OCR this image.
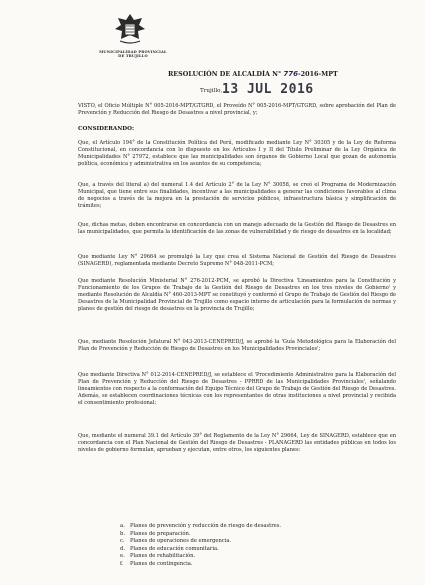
MUNICIPALIDAD PROVINCIAL
DE TRUJILLO
RESOLUCIÓN DE ALCALDÍA N° 776-2016-MPT
Trujillo, 13 JUL 2016
VISTO, el Oficio Múltiple N° 005-2016-MPT/GTGRD, el Proveído N° 005-2016-MPT/GTGRD, sobre aprobación del Plan de Prevención y Reducción del Riesgo de Desastres a nivel provincial, y;
CONSIDERANDO:
Que, el Artículo 194° de la Constitución Política del Perú, modificado mediante Ley N° 30305 y de la Ley de Reforma Constitucional, en concordancia con lo dispuesto en los Artículos I y II del Título Preliminar de la Ley Orgánica de Municipalidades N° 27972, establece que las municipalidades son órganos de Gobierno Local que gozan de autonomía política, económica y administrativa en los asuntos de su competencia;
Que, a través del literal a) del numeral 1.4 del Artículo 2° de la Ley N° 30058, se creó el Programa de Modernización Municipal, que tiene entre sus finalidades, incentivar a las municipalidades a generar las condiciones favorables al clima de negocios a través de la mejora en la prestación de servicios públicos, infraestructura básica y simplificación de trámites;
Que, dichas metas, deben encontrarse en concordancia con un manejo adecuado de la Gestión del Riesgo de Desastres en las municipalidades, que permita la identificación de las zonas de vulnerabilidad y de riesgo de desastres en la localidad;
Que mediante Ley N° 29664 se promulgó la Ley que crea el Sistema Nacional de Gestión del Riesgo de Desastres (SINAGERD), reglamentada mediante Decreto Supremo N° 048-2011-PCM;
Que mediante Resolución Ministerial N° 276-2012-PCM, se aprobó la Directiva 'Lineamientos para la Constitución y Funcionamiento de los Grupos de Trabajo de la Gestión del Riesgo de Desastres en los tres niveles de Gobierno' y mediante Resolución de Alcaldía N° 460-2013-MPT se constituyó y conformó el Grupo de Trabajo de Gestión del Riesgo de Desastres de la Municipalidad Provincial de Trujillo como espacio interno de articulación para la formulación de normas y planes de gestión del riesgo de desastres en la provincia de Trujillo;
Que, mediante Resolución Jefatural N° 043-2013-CENEPRED/J, se aprobó la 'Guía Metodológica para la Elaboración del Plan de Prevención y Reducción de Riesgo de Desastres en los Municipalidades Provinciales';
Que mediante Directiva N° 012-2014-CENEPRED/J, se establece el 'Procedimiento Administrativo para la Elaboración del Plan de Prevención y Reducción del Riesgo de Desastres - PPRRD de las Municipalidades Provinciales', señalando lineamientos con respecto a la conformación del Equipo Técnico del Grupo de Trabajo de Gestión del Riesgo de Desastres. Además, se establecen coordinaciones técnicas con los representantes de otras instituciones a nivel provincial y recibida el consentimiento profesional;
Que, mediante el numeral 39.1 del Artículo 39° del Reglamento de la Ley N° 29664, Ley de SINAGERD, establece que en concordancia con el Plan Nacional de Gestión del Riesgo de Desastres - PLANAGERD las entidades públicas en todos los niveles de gobierno formulan, aprueban y ejecutan, entre otros, los siguientes planes:
a. Planes de prevención y reducción de riesgo de desastres.
b. Planes de preparación.
c. Planes de operaciones de emergencia.
d. Planes de educación comunitaria.
e. Planes de rehabilitación.
f. Planes de contingencia.
